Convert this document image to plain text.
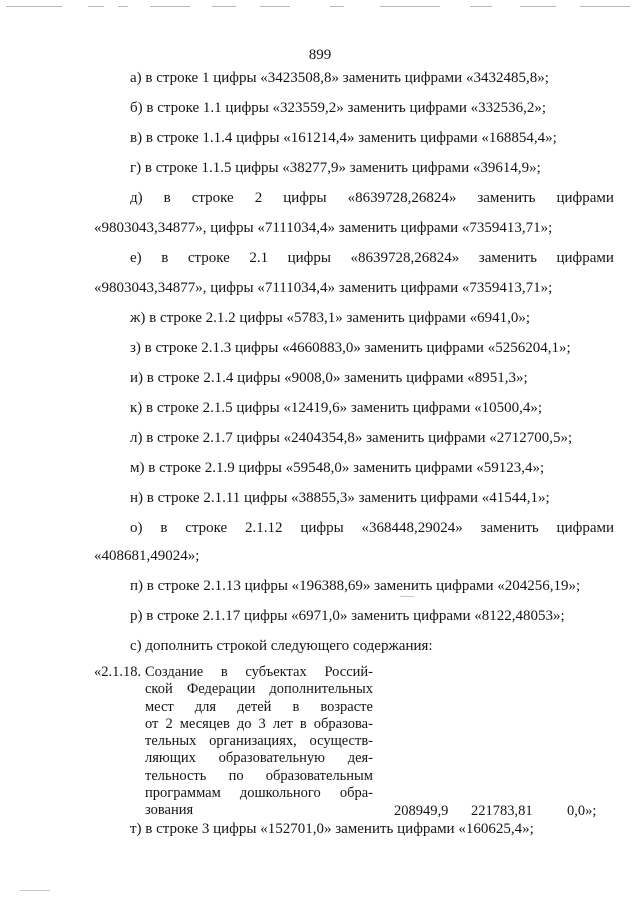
899
а) в строке 1 цифры «3423508,8» заменить цифрами «3432485,8»;
б) в строке 1.1 цифры «323559,2» заменить цифрами «332536,2»;
в) в строке 1.1.4 цифры «161214,4» заменить цифрами «168854,4»;
г) в строке 1.1.5 цифры «38277,9» заменить цифрами «39614,9»;
д) в строке 2 цифры «8639728,26824» заменить цифрами
«9803043,34877», цифры «7111034,4» заменить цифрами «7359413,71»;
е) в строке 2.1 цифры «8639728,26824» заменить цифрами
«9803043,34877», цифры «7111034,4» заменить цифрами «7359413,71»;
ж) в строке 2.1.2 цифры «5783,1» заменить цифрами «6941,0»;
з) в строке 2.1.3 цифры «4660883,0» заменить цифрами «5256204,1»;
и) в строке 2.1.4 цифры «9008,0» заменить цифрами «8951,3»;
к) в строке 2.1.5 цифры «12419,6» заменить цифрами «10500,4»;
л) в строке 2.1.7 цифры «2404354,8» заменить цифрами «2712700,5»;
м) в строке 2.1.9 цифры «59548,0» заменить цифрами «59123,4»;
н) в строке 2.1.11 цифры «38855,3» заменить цифрами «41544,1»;
о) в строке 2.1.12 цифры «368448,29024» заменить цифрами
«408681,49024»;
п) в строке 2.1.13 цифры «196388,69» заменить цифрами «204256,19»;
р) в строке 2.1.17 цифры «6971,0» заменить цифрами «8122,48053»;
с) дополнить строкой следующего содержания:
«2.1.18. Создание в субъектах Россий-
ской Федерации дополнительных
мест для детей в возрасте
от 2 месяцев до 3 лет в образова-
тельных организациях, осуществ-
ляющих образовательную дея-
тельность по образовательным
программам дошкольного обра-
зования	208949,9 221783,81 0,0»;
т) в строке 3 цифры «152701,0» заменить цифрами «160625,4»;
